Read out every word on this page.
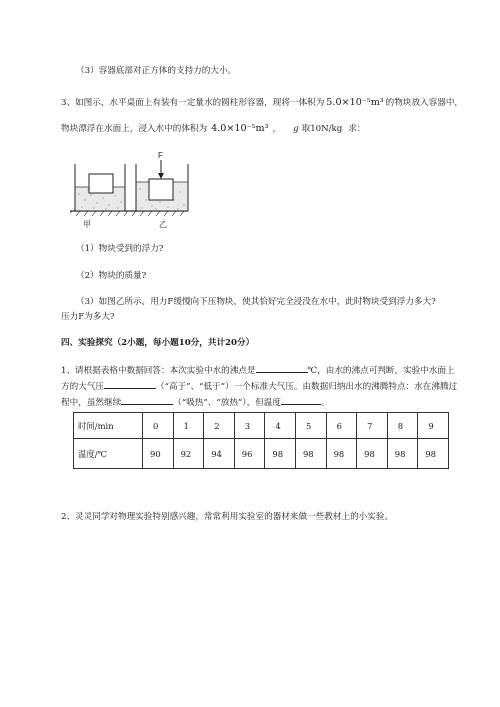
（3）容器底部对正方体的支持力的大小。
3、如图示，水平桌面上有装有一定量水的圆柱形容器，现将一体积为 5.0×10⁻⁵m³ 的物块放入容器中，
物块漂浮在水面上，浸入水中的体积为 4.0×10⁻⁵m³ ， g 取10N/kg 求：
F
甲	乙
（1）物块受到的浮力?
（2）物块的质量?
（3）如图乙所示，用力F缓慢向下压物块，使其恰好完全浸没在水中，此时物块受到浮力多大?
压力F为多大?
四、实验探究（2小题，每小题10分，共计20分）
1、请根据表格中数据回答：本次实验中水的沸点是	℃，由水的沸点可判断，实验中水面上
方的大气压	（“高于”、“低于”）一个标准大气压。由数据归纳出水的沸腾特点：水在沸腾过
程中，虽然继续	（“吸热”、“放热”），但温度	。
时间/min	0	1	2	3	4	5	6	7	8	9
温度/℃	90	92	94	96	98	98	98	98	98	98
2、灵灵同学对物理实验特别感兴趣，常常利用实验室的器材来做一些教材上的小实验。
